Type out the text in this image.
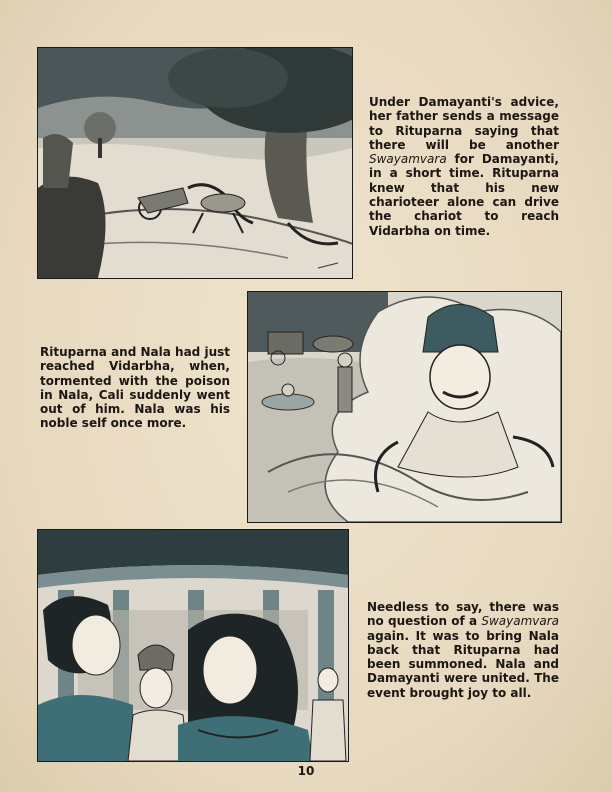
Under Damayanti's advice, her father sends a message to Rituparna saying that there will be another Swayamvara for Damayanti, in a short time. Rituparna knew that his new charioteer alone can drive the chariot to reach Vidarbha on time.

Rituparna and Nala had just reached Vidarbha, when, tormented with the poison in Nala, Cali suddenly went out of him. Nala was his noble self once more.

Needless to say, there was no question of a Swayamvara again. It was to bring Nala back that Rituparna had been summoned. Nala and Damayanti were united. The event brought joy to all.

10
